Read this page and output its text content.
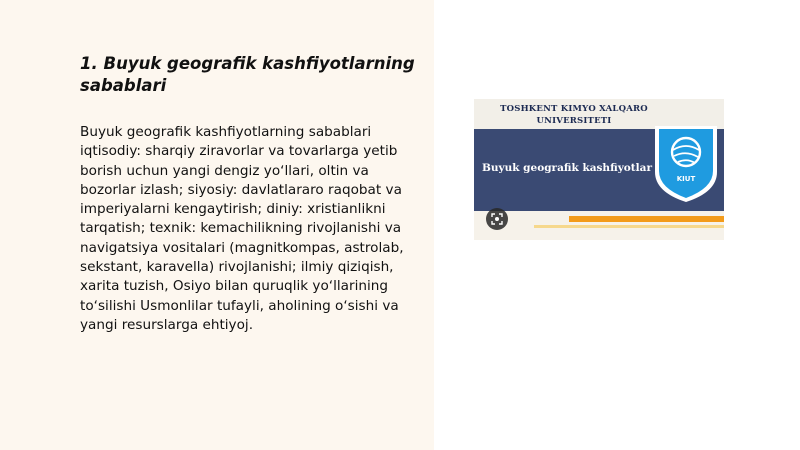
1. Buyuk geografik kashfiyotlarning sabablari

Buyuk geografik kashfiyotlarning sabablari iqtisodiy: sharqiy ziravorlar va tovarlarga yetib borish uchun yangi dengiz yoʻllari, oltin va bozorlar izlash; siyosiy: davlatlararo raqobat va imperiyalarni kengaytirish; diniy: xristianlikni tarqatish; texnik: kemachilikning rivojlanishi va navigatsiya vositalari (magnitkompas, astrolab, sekstant, karavella) rivojlanishi; ilmiy qiziqish, xarita tuzish, Osiyo bilan quruqlik yoʻllarining toʻsilishi Usmonlilar tufayli, aholining oʻsishi va yangi resurslarga ehtiyoj.

TOSHKENT KIMYO XALQARO
UNIVERSITETI
Buyuk geografik kashfiyotlar
KIUT
